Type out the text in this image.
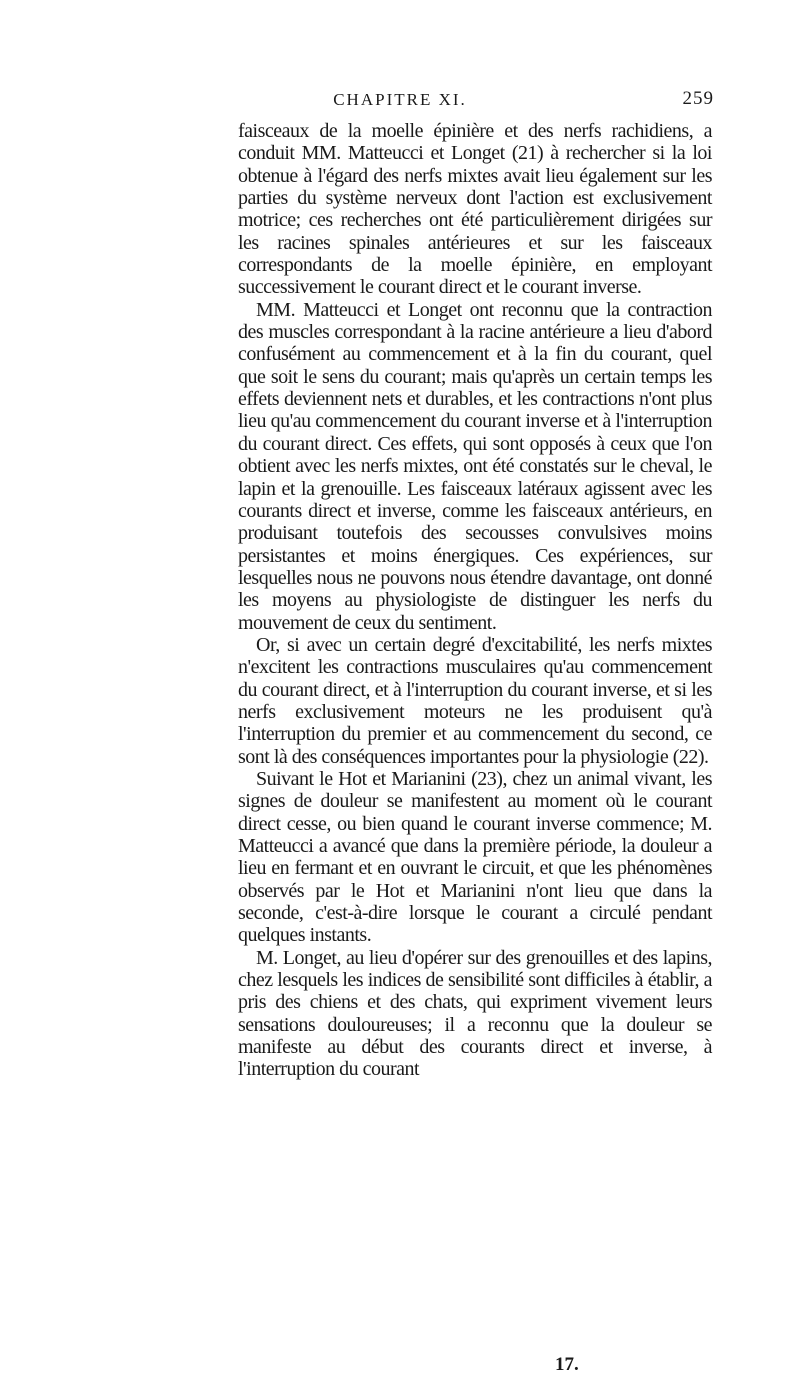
CHAPITRE XI.	259

faisceaux de la moelle épinière et des nerfs rachidiens, a conduit MM. Matteucci et Longet (21) à rechercher si la loi obtenue à l'égard des nerfs mixtes avait lieu également sur les parties du système nerveux dont l'action est exclusivement motrice; ces recherches ont été particulièrement dirigées sur les racines spinales antérieures et sur les faisceaux correspondants de la moelle épinière, en employant successivement le courant direct et le courant inverse.

MM. Matteucci et Longet ont reconnu que la contraction des muscles correspondant à la racine antérieure a lieu d'abord confusément au commencement et à la fin du courant, quel que soit le sens du courant; mais qu'après un certain temps les effets deviennent nets et durables, et les contractions n'ont plus lieu qu'au commencement du courant inverse et à l'interruption du courant direct. Ces effets, qui sont opposés à ceux que l'on obtient avec les nerfs mixtes, ont été constatés sur le cheval, le lapin et la grenouille. Les faisceaux latéraux agissent avec les courants direct et inverse, comme les faisceaux antérieurs, en produisant toutefois des secousses convulsives moins persistantes et moins énergiques. Ces expériences, sur lesquelles nous ne pouvons nous étendre davantage, ont donné les moyens au physiologiste de distinguer les nerfs du mouvement de ceux du sentiment.

Or, si avec un certain degré d'excitabilité, les nerfs mixtes n'excitent les contractions musculaires qu'au commencement du courant direct, et à l'interruption du courant inverse, et si les nerfs exclusivement moteurs ne les produisent qu'à l'interruption du premier et au commencement du second, ce sont là des conséquences importantes pour la physiologie (22).

Suivant le Hot et Marianini (23), chez un animal vivant, les signes de douleur se manifestent au moment où le courant direct cesse, ou bien quand le courant inverse commence; M. Matteucci a avancé que dans la première période, la douleur a lieu en fermant et en ouvrant le circuit, et que les phénomènes observés par le Hot et Marianini n'ont lieu que dans la seconde, c'est-à-dire lorsque le courant a circulé pendant quelques instants.

M. Longet, au lieu d'opérer sur des grenouilles et des lapins, chez lesquels les indices de sensibilité sont difficiles à établir, a pris des chiens et des chats, qui expriment vivement leurs sensations douloureuses; il a reconnu que la douleur se manifeste au début des courants direct et inverse, à l'interruption du courant

17.
